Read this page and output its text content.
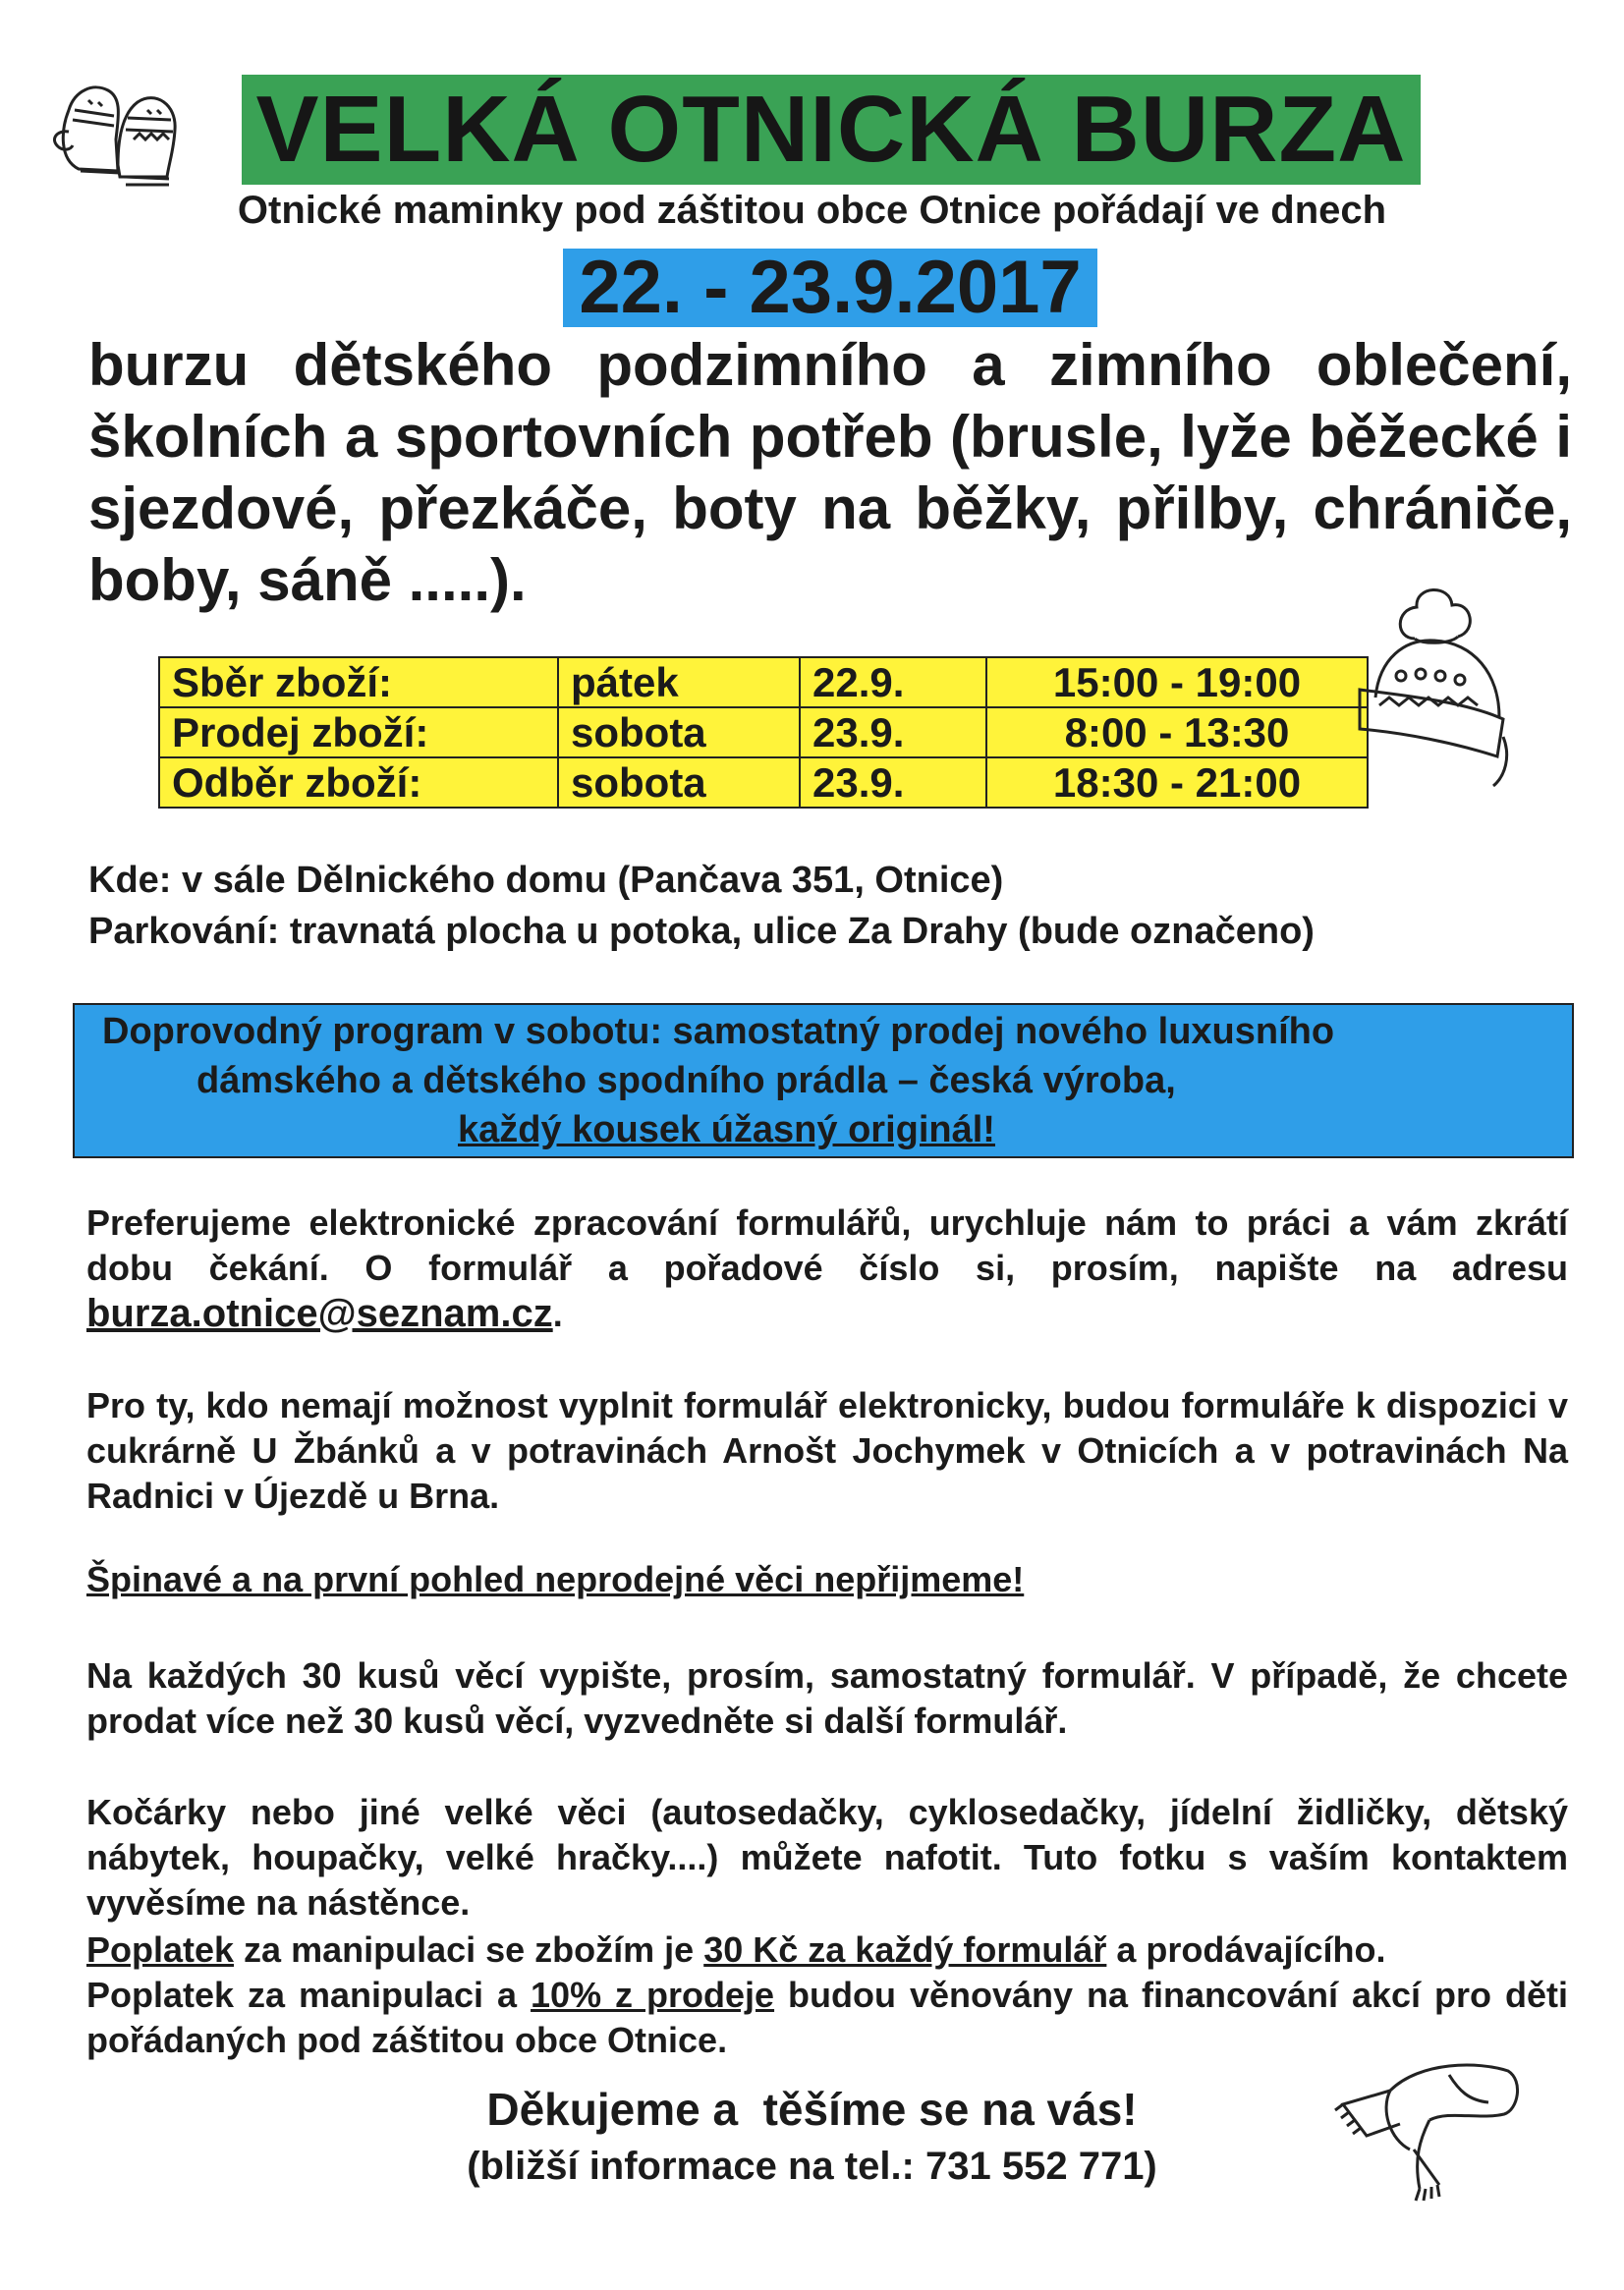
VELKÁ OTNICKÁ BURZA
Otnické maminky pod záštitou obce Otnice pořádají ve dnech
22. - 23.9.2017
burzu dětského podzimního a zimního oblečení, školních a sportovních potřeb (brusle, lyže běžecké i sjezdové, přezkáče, boty na běžky, přilby, chrániče, boby, sáně .....).
Sběr zboží:	pátek	22.9.	15:00 - 19:00
Prodej zboží:	sobota	23.9.	8:00 - 13:30
Odběr zboží:	sobota	23.9.	18:30 - 21:00
Kde: v sále Dělnického domu (Pančava 351, Otnice)
Parkování: travnatá plocha u potoka, ulice Za Drahy (bude označeno)
Doprovodný program v sobotu: samostatný prodej nového luxusního
dámského a dětského spodního prádla – česká výroba,
každý kousek úžasný originál!
Preferujeme elektronické zpracování formulářů, urychluje nám to práci a vám zkrátí dobu čekání. O formulář a pořadové číslo si, prosím, napište na adresu burza.otnice@seznam.cz.
Pro ty, kdo nemají možnost vyplnit formulář elektronicky, budou formuláře k dispozici v cukrárně U Žbánků a v potravinách Arnošt Jochymek v Otnicích a v potravinách Na Radnici v Újezdě u Brna.
Špinavé a na první pohled neprodejné věci nepřijmeme!
Na každých 30 kusů věcí vypište, prosím, samostatný formulář. V případě, že chcete prodat více než 30 kusů věcí, vyzvedněte si další formulář.
Kočárky nebo jiné velké věci (autosedačky, cyklosedačky, jídelní židličky, dětský nábytek, houpačky, velké hračky....) můžete nafotit. Tuto fotku s vaším kontaktem vyvěsíme na nástěnce.
Poplatek za manipulaci se zbožím je 30 Kč za každý formulář a prodávajícího.
Poplatek za manipulaci a 10% z prodeje budou věnovány na financování akcí pro děti pořádaných pod záštitou obce Otnice.
Děkujeme a  těšíme se na vás!
(bližší informace na tel.: 731 552 771)
